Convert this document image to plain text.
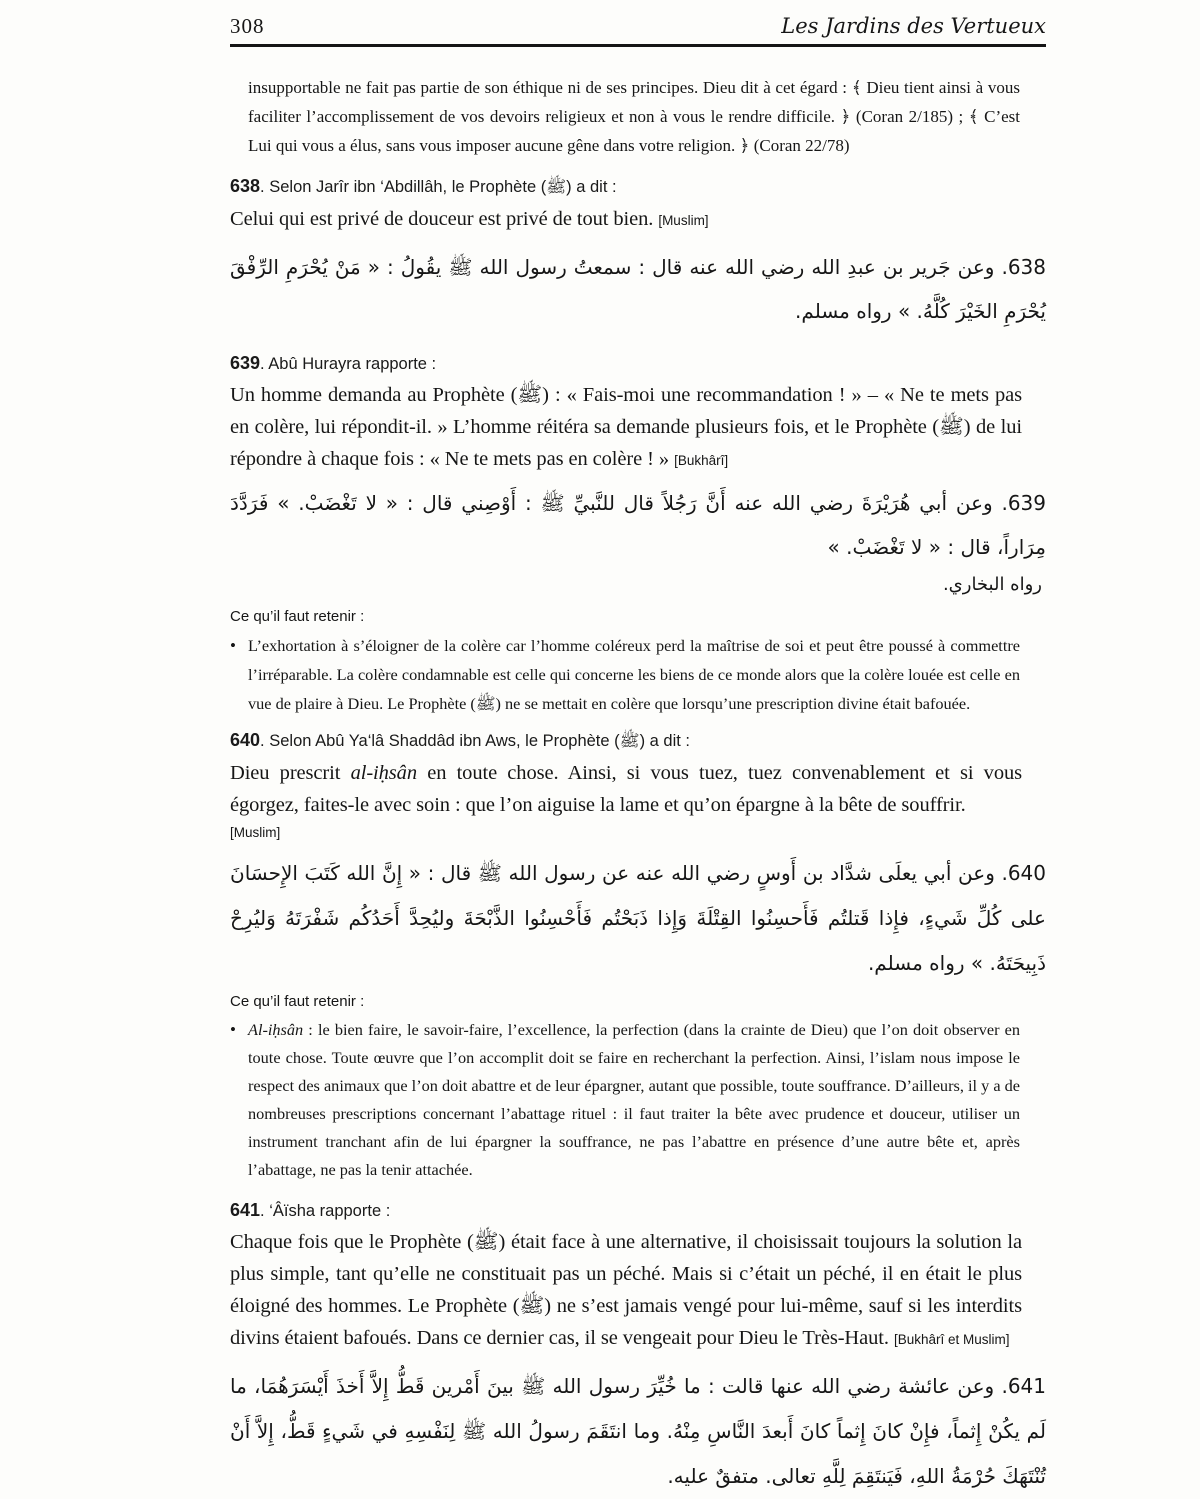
308	Les Jardins des Vertueux

insupportable ne fait pas partie de son éthique ni de ses principes. Dieu dit à cet égard : ﴾ Dieu tient ainsi à vous faciliter l’accomplissement de vos devoirs religieux et non à vous le rendre difficile. ﴿ (Coran 2/185) ; ﴾ C’est Lui qui vous a élus, sans vous imposer aucune gêne dans votre religion. ﴿ (Coran 22/78)

638. Selon Jarîr ibn ‘Abdillâh, le Prophète (ﷺ) a dit :

Celui qui est privé de douceur est privé de tout bien. [Muslim]

638. وعن جَرير بن عبدِ الله رضي الله عنه قال : سمعتُ رسول الله ﷺ يقُولُ : « مَنْ يُحْرَمِ الرِّفْقَ يُحْرَمِ الخَيْرَ كُلَّهُ. » رواه مسلم.

639. Abû Hurayra rapporte :

Un homme demanda au Prophète (ﷺ) : « Fais-moi une recommandation ! » – « Ne te mets pas en colère, lui répondit-il. » L’homme réitéra sa demande plusieurs fois, et le Prophète (ﷺ) de lui répondre à chaque fois : « Ne te mets pas en colère ! » [Bukhârî]

639. وعن أبي هُرَيْرَةَ رضي الله عنه أَنَّ رَجُلاً قال للنَّبيِّ ﷺ : أَوْصِني قال : « لا تَغْضَبْ. » فَرَدَّدَ مِرَاراً، قال : « لا تَغْضَبْ. »

رواه البخاري.

Ce qu’il faut retenir :

• L’exhortation à s’éloigner de la colère car l’homme coléreux perd la maîtrise de soi et peut être poussé à commettre l’irréparable. La colère condamnable est celle qui concerne les biens de ce monde alors que la colère louée est celle en vue de plaire à Dieu. Le Prophète (ﷺ) ne se mettait en colère que lorsqu’une prescription divine était bafouée.

640. Selon Abû Ya‘lâ Shaddâd ibn Aws, le Prophète (ﷺ) a dit :

Dieu prescrit al-iḥsân en toute chose. Ainsi, si vous tuez, tuez convenablement et si vous égorgez, faites-le avec soin : que l’on aiguise la lame et qu’on épargne à la bête de souffrir.

[Muslim]

640. وعن أبي يعلَى شدَّاد بن أَوسٍ رضي الله عنه عن رسول الله ﷺ قال : « إِنَّ الله كَتَبَ الإِحسَانَ على كُلِّ شَيءٍ، فإِذا قَتلتُم فَأَحسِنُوا القِتْلَةَ وَإِذا ذَبَحْتُم فَأَحْسِنُوا الذَّبْحَةَ وليُحِدَّ أَحَدُكُم شَفْرَتَهُ وَليُرِحْ ذَبِيحَتَهُ. » رواه مسلم.

Ce qu’il faut retenir :

• Al-iḥsân : le bien faire, le savoir-faire, l’excellence, la perfection (dans la crainte de Dieu) que l’on doit observer en toute chose. Toute œuvre que l’on accomplit doit se faire en recherchant la perfection. Ainsi, l’islam nous impose le respect des animaux que l’on doit abattre et de leur épargner, autant que possible, toute souffrance. D’ailleurs, il y a de nombreuses prescriptions concernant l’abattage rituel : il faut traiter la bête avec prudence et douceur, utiliser un instrument tranchant afin de lui épargner la souffrance, ne pas l’abattre en présence d’une autre bête et, après l’abattage, ne pas la tenir attachée.

641. ‘Âïsha rapporte :

Chaque fois que le Prophète (ﷺ) était face à une alternative, il choisissait toujours la solution la plus simple, tant qu’elle ne constituait pas un péché. Mais si c’était un péché, il en était le plus éloigné des hommes. Le Prophète (ﷺ) ne s’est jamais vengé pour lui-même, sauf si les interdits divins étaient bafoués. Dans ce dernier cas, il se vengeait pour Dieu le Très-Haut. [Bukhârî et Muslim]

641. وعن عائشة رضي الله عنها قالت : ما خُيِّرَ رسول الله ﷺ بينَ أَمْرين قَطُّ إِلاَّ أَخذَ أَيْسَرَهُمَا، ما لَم يكُنْ إِثماً، فإِنْ كانَ إِثماً كانَ أَبعدَ النَّاسِ مِنْهُ. وما انتَقَمَ رسولُ الله ﷺ لِنَفْسِهِ في شَيءٍ قَطُّ، إِلاَّ أَنْ تُنْتَهَكَ حُرْمَةُ اللهِ، فَيَنتَقِمَ لِلَّهِ تعالى. متفقٌ عليه.
